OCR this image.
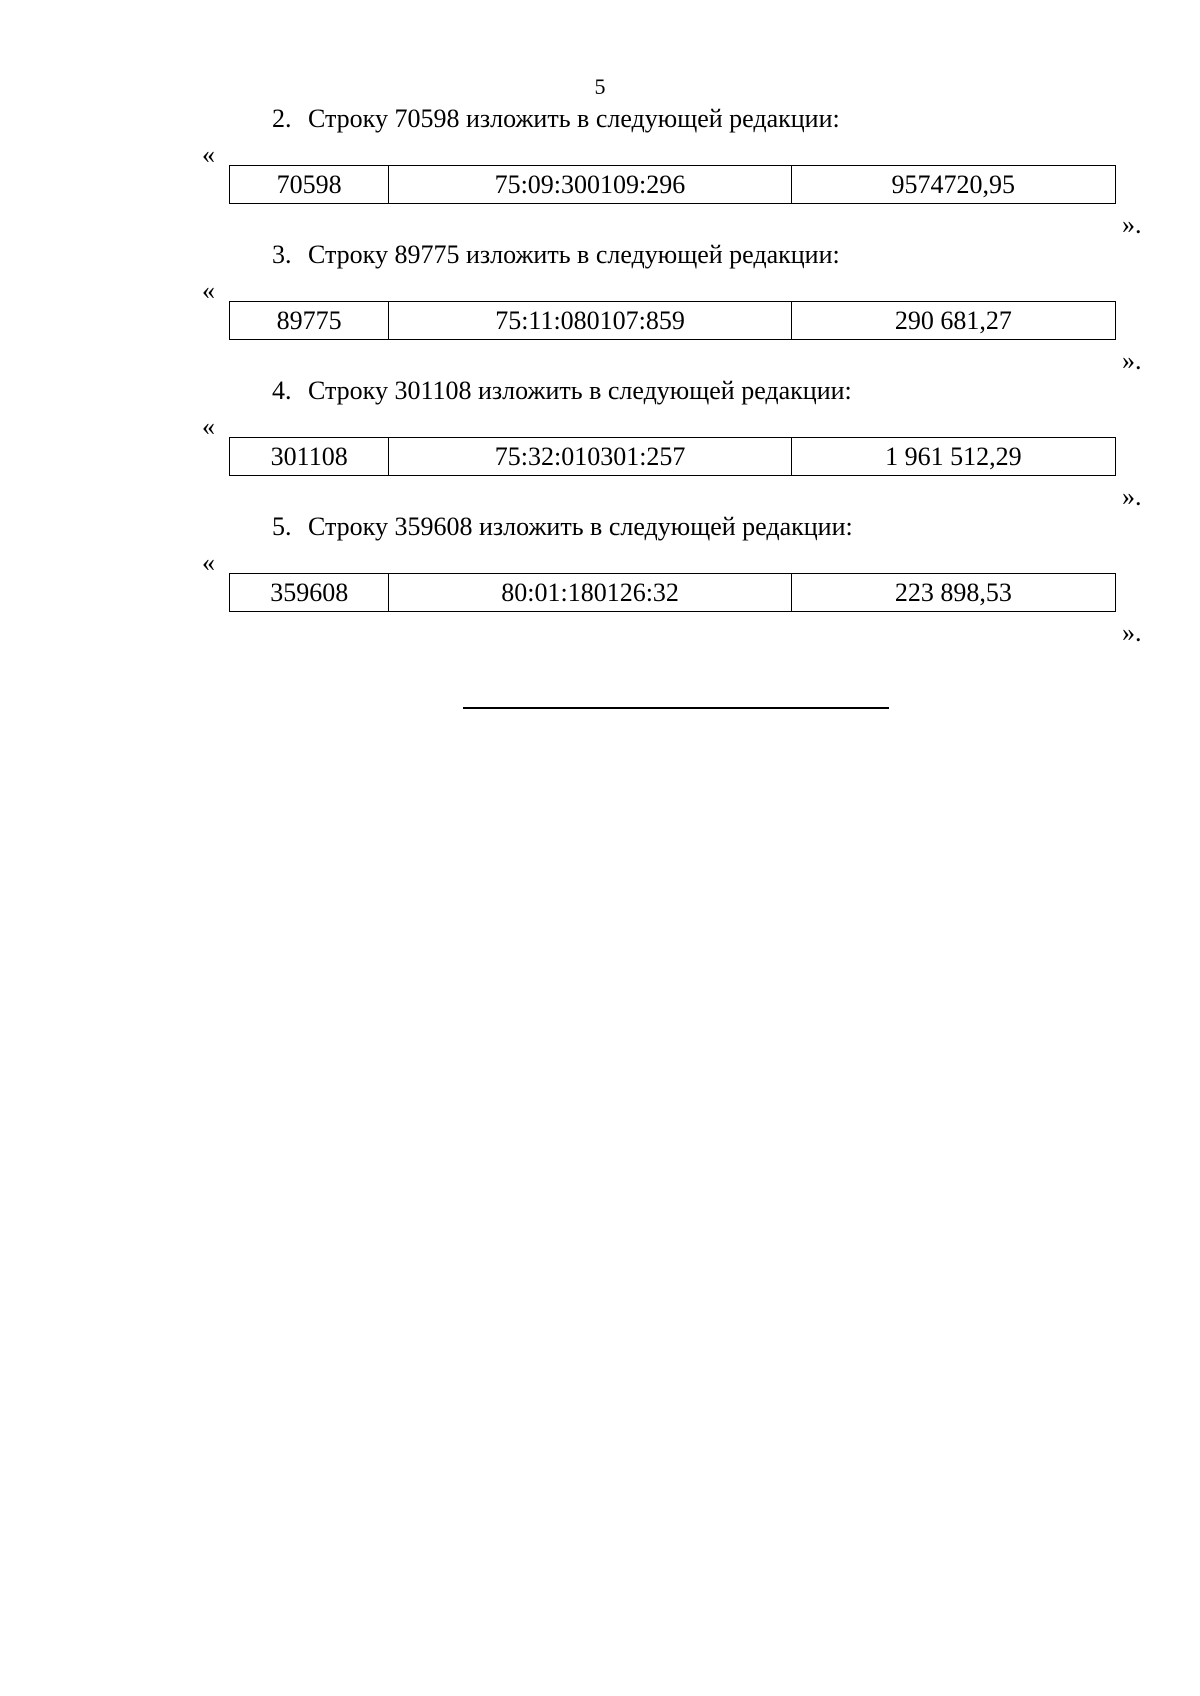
5
2. Строку 70598 изложить в следующей редакции:
«
70598	75:09:300109:296	9574720,95
».
3. Строку 89775 изложить в следующей редакции:
«
89775	75:11:080107:859	290 681,27
».
4. Строку 301108 изложить в следующей редакции:
«
301108	75:32:010301:257	1 961 512,29
».
5. Строку 359608 изложить в следующей редакции:
«
359608	80:01:180126:32	223 898,53
».
